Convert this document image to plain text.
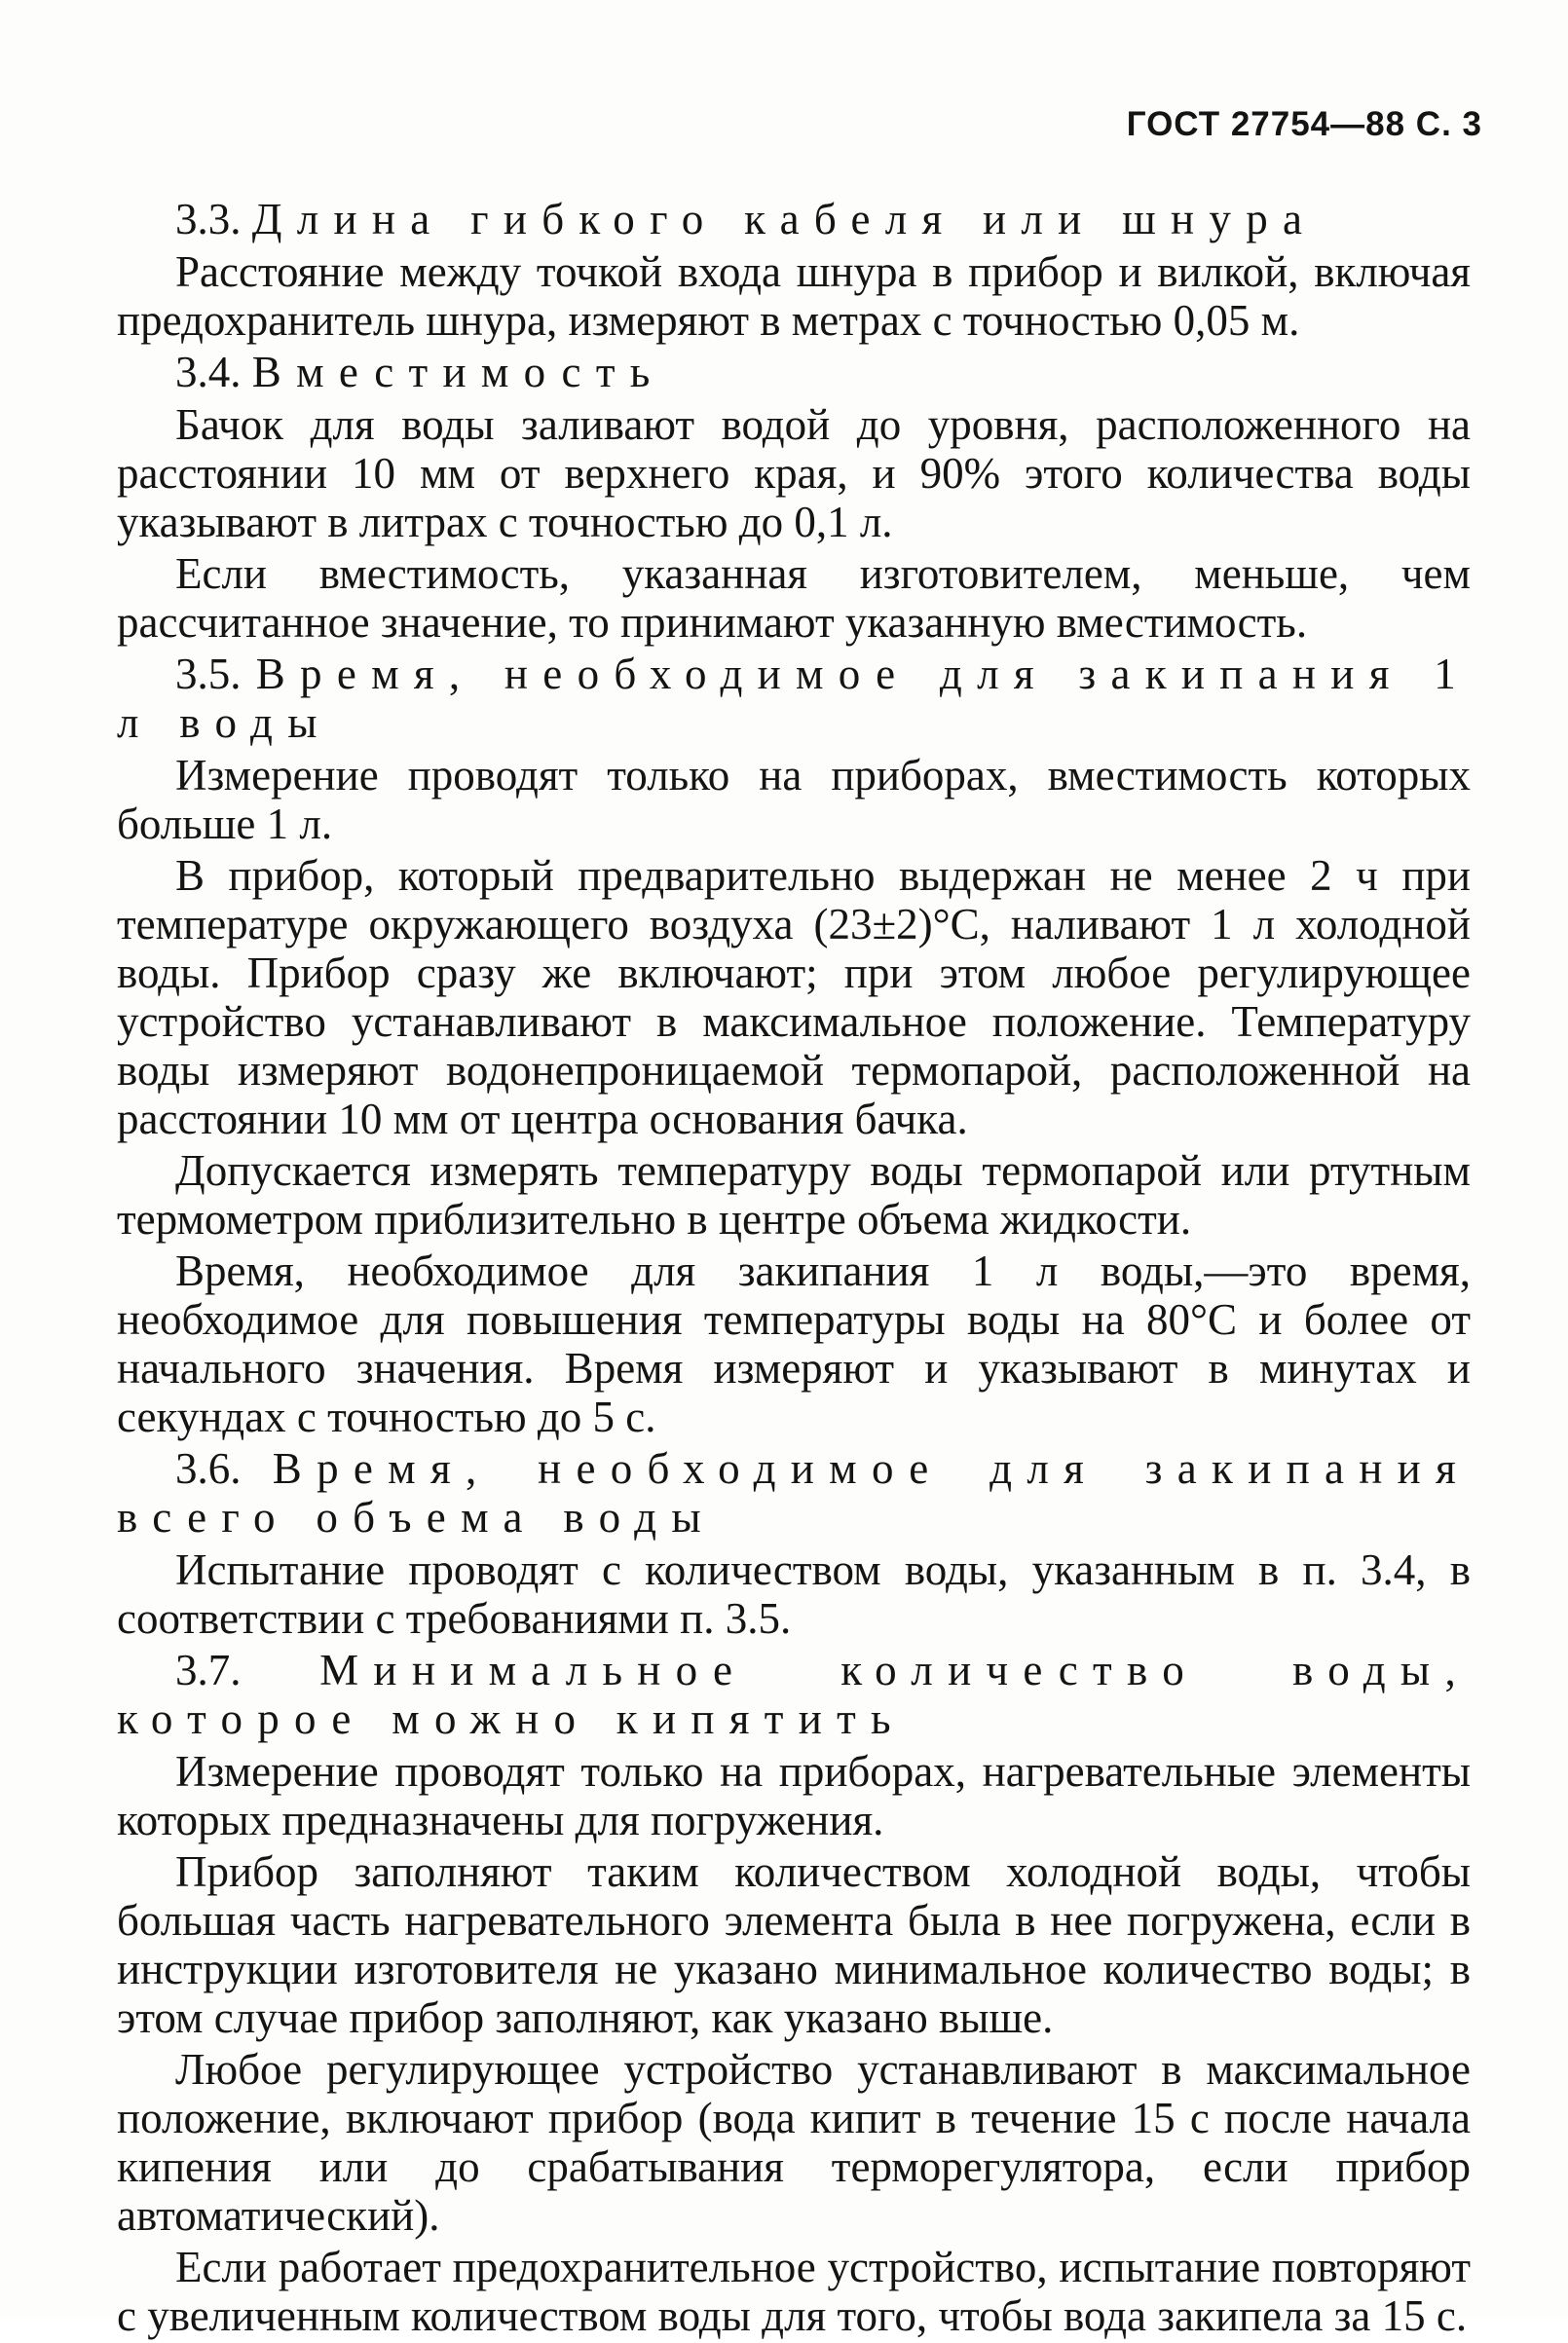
ГОСТ 27754—88 С. 3

3.3. Длина гибкого кабеля или шнура

Расстояние между точкой входа шнура в прибор и вилкой, включая предохранитель шнура, измеряют в метрах с точностью 0,05 м.

3.4. Вместимость

Бачок для воды заливают водой до уровня, расположенного на расстоянии 10 мм от верхнего края, и 90% этого количества воды указывают в литрах с точностью до 0,1 л.

Если вместимость, указанная изготовителем, меньше, чем рассчитанное значение, то принимают указанную вместимость.

3.5. Время, необходимое для закипания 1 л воды

Измерение проводят только на приборах, вместимость которых больше 1 л.

В прибор, который предварительно выдержан не менее 2 ч при температуре окружающего воздуха (23±2)°С, наливают 1 л холодной воды. Прибор сразу же включают; при этом любое регулирующее устройство устанавливают в максимальное положение. Температуру воды измеряют водонепроницаемой термопарой, расположенной на расстоянии 10 мм от центра основания бачка.

Допускается измерять температуру воды термопарой или ртутным термометром приблизительно в центре объема жидкости.

Время, необходимое для закипания 1 л воды,—это время, необходимое для повышения температуры воды на 80°С и более от начального значения. Время измеряют и указывают в минутах и секундах с точностью до 5 с.

3.6. Время, необходимое для закипания всего объема воды

Испытание проводят с количеством воды, указанным в п. 3.4, в соответствии с требованиями п. 3.5.

3.7. Минимальное количество воды, которое можно кипятить

Измерение проводят только на приборах, нагревательные элементы которых предназначены для погружения.

Прибор заполняют таким количеством холодной воды, чтобы большая часть нагревательного элемента была в нее погружена, если в инструкции изготовителя не указано минимальное количество воды; в этом случае прибор заполняют, как указано выше.

Любое регулирующее устройство устанавливают в максимальное положение, включают прибор (вода кипит в течение 15 с после начала кипения или до срабатывания терморегулятора, если прибор автоматический).

Если работает предохранительное устройство, испытание повторяют с увеличенным количеством воды для того, чтобы вода закипела за 15 с.
